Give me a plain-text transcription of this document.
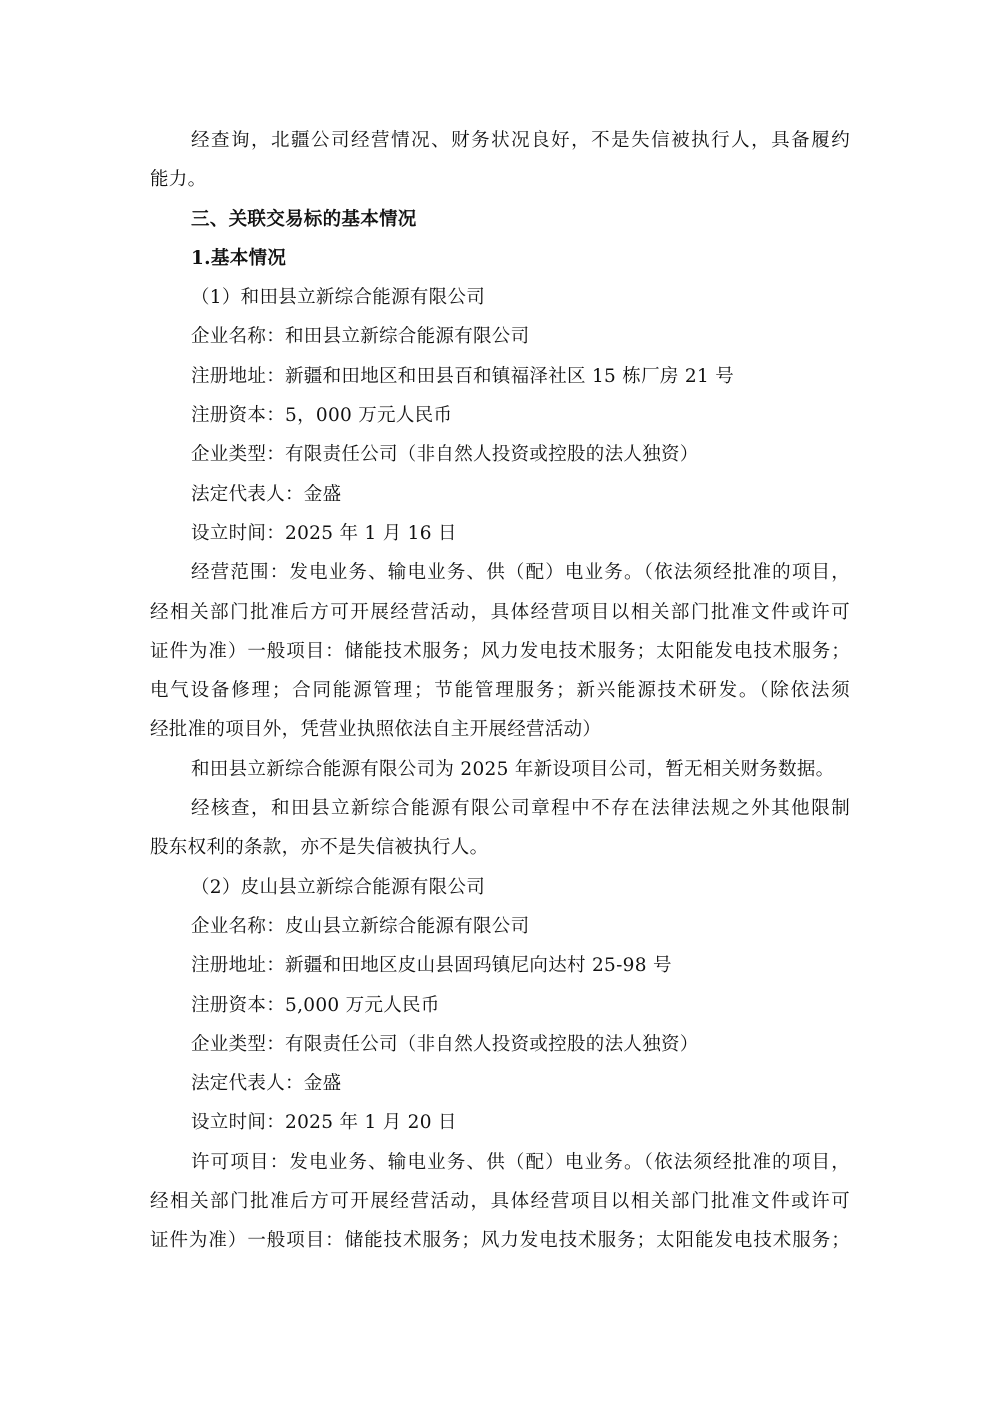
经查询，北疆公司经营情况、财务状况良好，不是失信被执行人，具备履约
能力。
三、关联交易标的基本情况
1.基本情况
（1）和田县立新综合能源有限公司
企业名称：和田县立新综合能源有限公司
注册地址：新疆和田地区和田县百和镇福泽社区 15 栋厂房 21 号
注册资本：5，000 万元人民币
企业类型：有限责任公司（非自然人投资或控股的法人独资）
法定代表人：金盛
设立时间：2025 年 1 月 16 日
经营范围：发电业务、输电业务、供（配）电业务。（依法须经批准的项目，
经相关部门批准后方可开展经营活动，具体经营项目以相关部门批准文件或许可
证件为准）一般项目：储能技术服务；风力发电技术服务；太阳能发电技术服务；
电气设备修理；合同能源管理；节能管理服务；新兴能源技术研发。（除依法须
经批准的项目外，凭营业执照依法自主开展经营活动）
和田县立新综合能源有限公司为 2025 年新设项目公司，暂无相关财务数据。
经核查，和田县立新综合能源有限公司章程中不存在法律法规之外其他限制
股东权利的条款，亦不是失信被执行人。
（2）皮山县立新综合能源有限公司
企业名称：皮山县立新综合能源有限公司
注册地址：新疆和田地区皮山县固玛镇尼向达村 25-98 号
注册资本：5,000 万元人民币
企业类型：有限责任公司（非自然人投资或控股的法人独资）
法定代表人：金盛
设立时间：2025 年 1 月 20 日
许可项目：发电业务、输电业务、供（配）电业务。（依法须经批准的项目，
经相关部门批准后方可开展经营活动，具体经营项目以相关部门批准文件或许可
证件为准）一般项目：储能技术服务；风力发电技术服务；太阳能发电技术服务；
